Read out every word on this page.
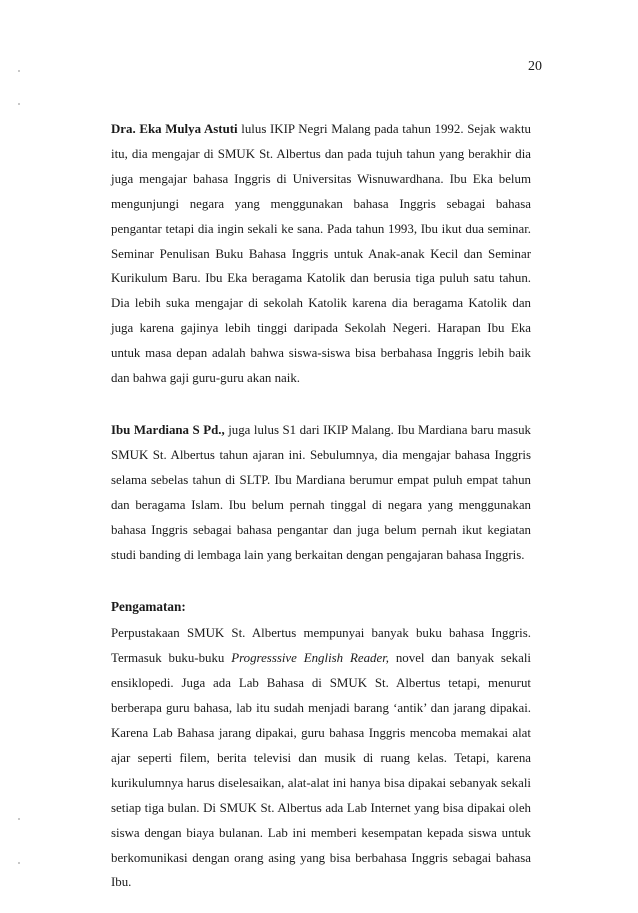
20

Dra. Eka Mulya Astuti lulus IKIP Negri Malang pada tahun 1992. Sejak waktu itu, dia mengajar di SMUK St. Albertus dan pada tujuh tahun yang berakhir dia juga mengajar bahasa Inggris di Universitas Wisnuwardhana. Ibu Eka belum mengunjungi negara yang menggunakan bahasa Inggris sebagai bahasa pengantar tetapi dia ingin sekali ke sana. Pada tahun 1993, Ibu ikut dua seminar. Seminar Penulisan Buku Bahasa Inggris untuk Anak-anak Kecil dan Seminar Kurikulum Baru. Ibu Eka beragama Katolik dan berusia tiga puluh satu tahun. Dia lebih suka mengajar di sekolah Katolik karena dia beragama Katolik dan juga karena gajinya lebih tinggi daripada Sekolah Negeri. Harapan Ibu Eka untuk masa depan adalah bahwa siswa-siswa bisa berbahasa Inggris lebih baik dan bahwa gaji guru-guru akan naik.

Ibu Mardiana S Pd., juga lulus S1 dari IKIP Malang. Ibu Mardiana baru masuk SMUK St. Albertus tahun ajaran ini. Sebulumnya, dia mengajar bahasa Inggris selama sebelas tahun di SLTP. Ibu Mardiana berumur empat puluh empat tahun dan beragama Islam. Ibu belum pernah tinggal di negara yang menggunakan bahasa Inggris sebagai bahasa pengantar dan juga belum pernah ikut kegiatan studi banding di lembaga lain yang berkaitan dengan pengajaran bahasa Inggris.

Pengamatan:

Perpustakaan SMUK St. Albertus mempunyai banyak buku bahasa Inggris. Termasuk buku-buku Progresssive English Reader, novel dan banyak sekali ensiklopedi. Juga ada Lab Bahasa di SMUK St. Albertus tetapi, menurut berberapa guru bahasa, lab itu sudah menjadi barang ‘antik’ dan jarang dipakai. Karena Lab Bahasa jarang dipakai, guru bahasa Inggris mencoba memakai alat ajar seperti filem, berita televisi dan musik di ruang kelas. Tetapi, karena kurikulumnya harus diselesaikan, alat-alat ini hanya bisa dipakai sebanyak sekali setiap tiga bulan. Di SMUK St. Albertus ada Lab Internet yang bisa dipakai oleh siswa dengan biaya bulanan. Lab ini memberi kesempatan kepada siswa untuk berkomunikasi dengan orang asing yang bisa berbahasa Inggris sebagai bahasa Ibu.
